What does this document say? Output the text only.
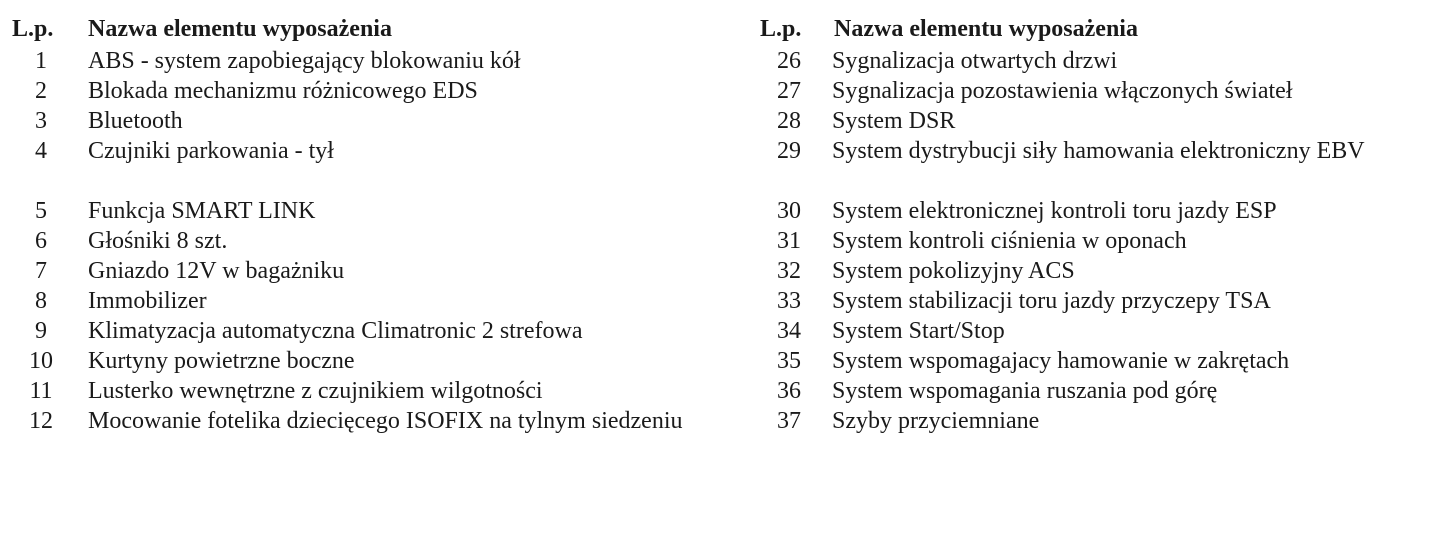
L.p.	Nazwa elementu wyposażenia
1	ABS - system zapobiegający blokowaniu kół
2	Blokada mechanizmu różnicowego EDS
3	Bluetooth
4	Czujniki parkowania - tył
5	Funkcja SMART LINK
6	Głośniki 8 szt.
7	Gniazdo 12V w bagażniku
8	Immobilizer
9	Klimatyzacja automatyczna Climatronic 2 strefowa
10	Kurtyny powietrzne boczne
11	Lusterko wewnętrzne z czujnikiem wilgotności
12	Mocowanie fotelika dziecięcego ISOFIX na tylnym siedzeniu
L.p.	Nazwa elementu wyposażenia
26	Sygnalizacja otwartych drzwi
27	Sygnalizacja pozostawienia włączonych świateł
28	System DSR
29	System dystrybucji siły hamowania elektroniczny EBV
30	System elektronicznej kontroli toru jazdy ESP
31	System kontroli ciśnienia w oponach
32	System pokolizyjny ACS
33	System stabilizacji toru jazdy przyczepy TSA
34	System Start/Stop
35	System wspomagajacy hamowanie w zakrętach
36	System wspomagania ruszania pod górę
37	Szyby przyciemniane
